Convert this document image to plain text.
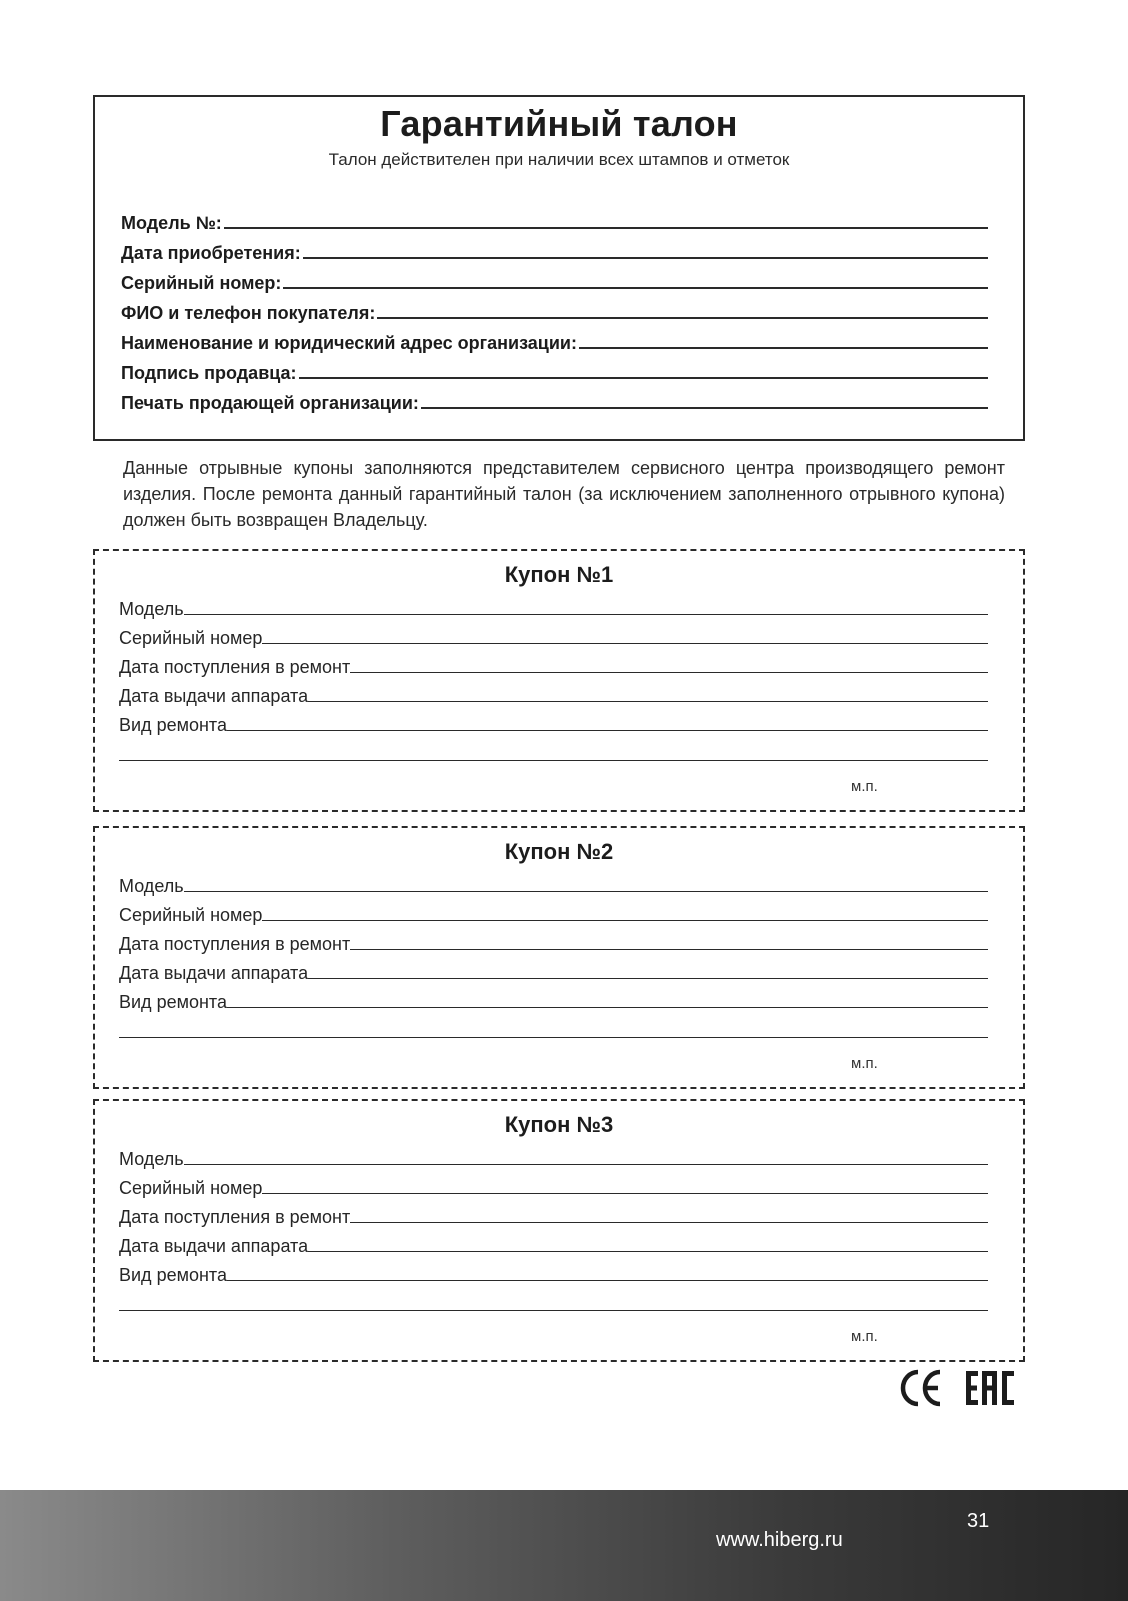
Гарантийный талон
Талон действителен при наличии всех штампов и отметок
Модель №:
Дата приобретения:
Серийный номер:
ФИО и телефон покупателя:
Наименование и юридический адрес организации:
Подпись продавца:
Печать продающей организации:
Данные отрывные купоны заполняются представителем сервисного центра производящего ремонт изделия. После ремонта данный гарантийный талон (за исключением заполненного отрывного купона) должен быть возвращен Владельцу.
Купон №1
Модель
Серийный номер
Дата поступления в ремонт
Дата выдачи аппарата
Вид ремонта
м.п.
Купон №2
Модель
Серийный номер
Дата поступления в ремонт
Дата выдачи аппарата
Вид ремонта
м.п.
Купон №3
Модель
Серийный номер
Дата поступления в ремонт
Дата выдачи аппарата
Вид ремонта
м.п.
www.hiberg.ru
31
